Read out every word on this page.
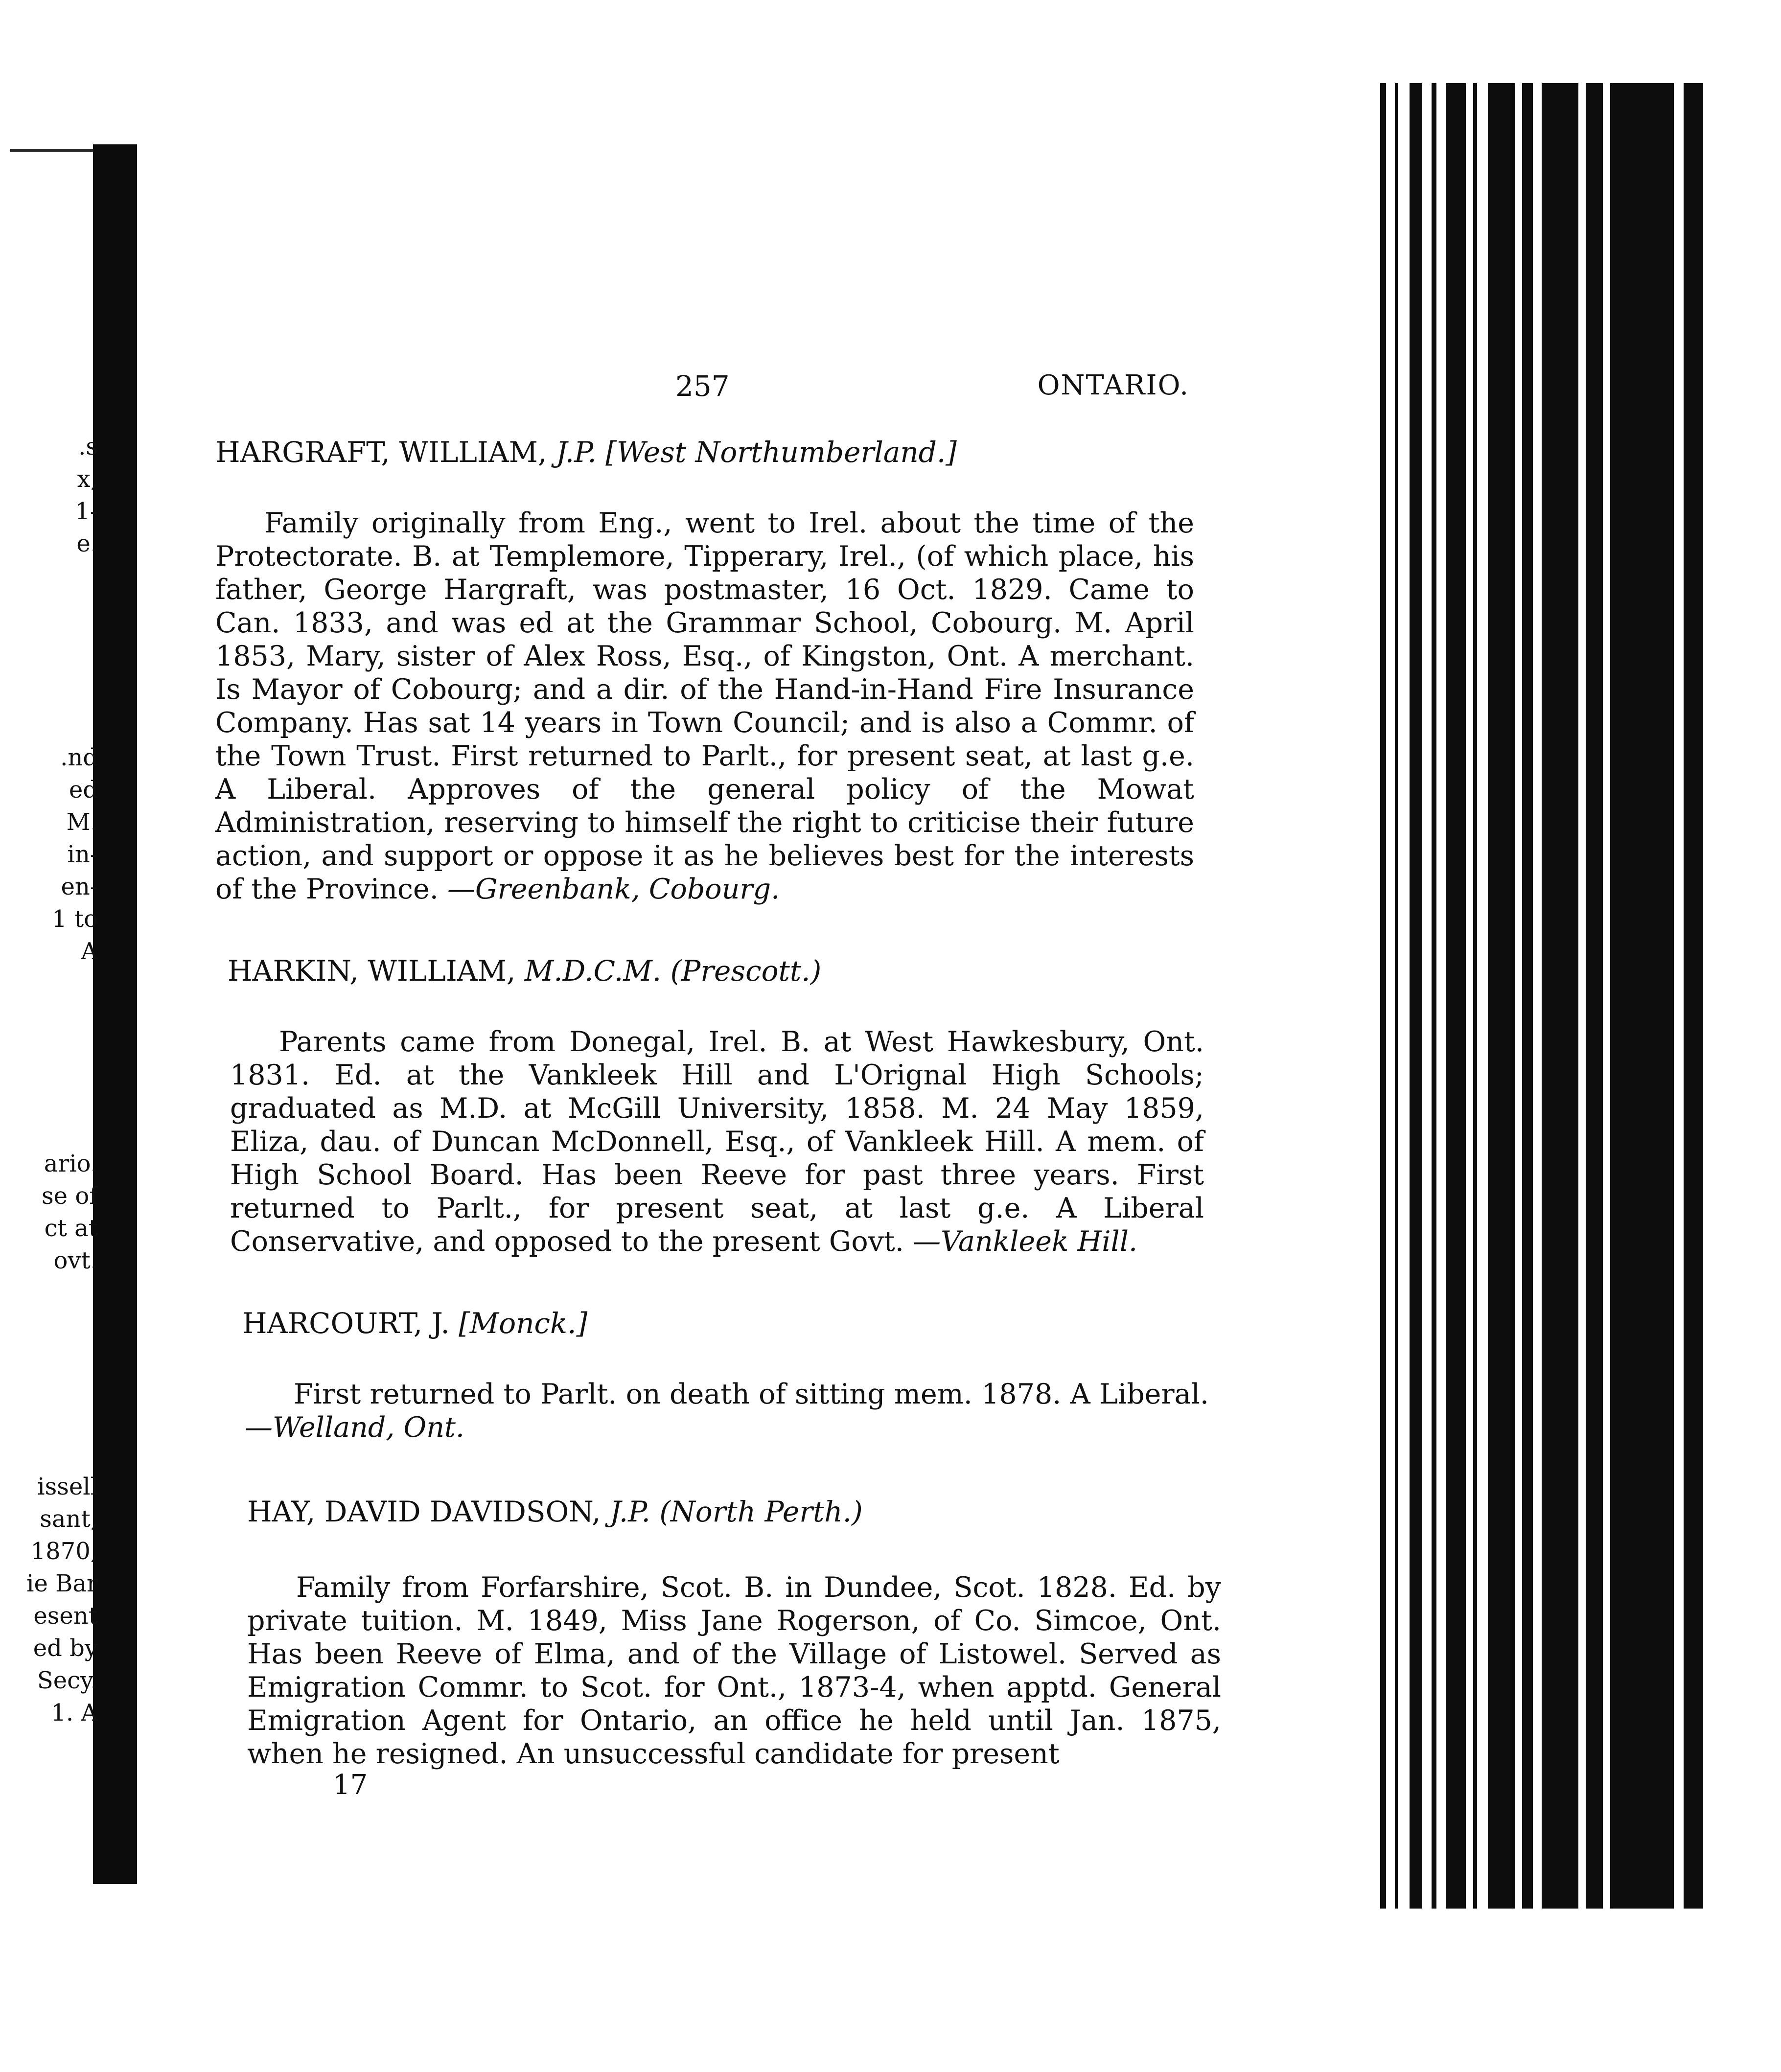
.s
x,
1-
e.
.nd
ed
M.
in-
en-
1 to
A
ario.
se of
ct at
ovt.
issell
sant,
1870,
ie Bar
esent
ed by
Secy.
1. A
257	ONTARIO.
HARGRAFT, WILLIAM, J.P. [West Northumberland.]

Family originally from Eng., went to Irel. about the time of the Protectorate. B. at Templemore, Tipperary, Irel., (of which place, his father, George Hargraft, was postmaster, 16 Oct. 1829. Came to Can. 1833, and was ed at the Grammar School, Cobourg. M. April 1853, Mary, sister of Alex Ross, Esq., of Kingston, Ont. A merchant. Is Mayor of Cobourg; and a dir. of the Hand-in-Hand Fire Insurance Company. Has sat 14 years in Town Council; and is also a Commr. of the Town Trust. First returned to Parlt., for present seat, at last g.e. A Liberal. Approves of the general policy of the Mowat Administration, reserving to himself the right to criticise their future action, and support or oppose it as he believes best for the interests of the Province. —Greenbank, Cobourg.

HARKIN, WILLIAM, M.D.C.M. (Prescott.)

Parents came from Donegal, Irel. B. at West Hawkesbury, Ont. 1831. Ed. at the Vankleek Hill and L'Orignal High Schools; graduated as M.D. at McGill University, 1858. M. 24 May 1859, Eliza, dau. of Duncan McDonnell, Esq., of Vankleek Hill. A mem. of High School Board. Has been Reeve for past three years. First returned to Parlt., for present seat, at last g.e. A Liberal Conservative, and opposed to the present Govt. —Vankleek Hill.

HARCOURT, J. [Monck.]

First returned to Parlt. on death of sitting mem. 1878. A Liberal. —Welland, Ont.

HAY, DAVID DAVIDSON, J.P. (North Perth.)

Family from Forfarshire, Scot. B. in Dundee, Scot. 1828. Ed. by private tuition. M. 1849, Miss Jane Rogerson, of Co. Simcoe, Ont. Has been Reeve of Elma, and of the Village of Listowel. Served as Emigration Commr. to Scot. for Ont., 1873-4, when apptd. General Emigration Agent for Ontario, an office he held until Jan. 1875, when he resigned. An unsuccessful candidate for present

17
